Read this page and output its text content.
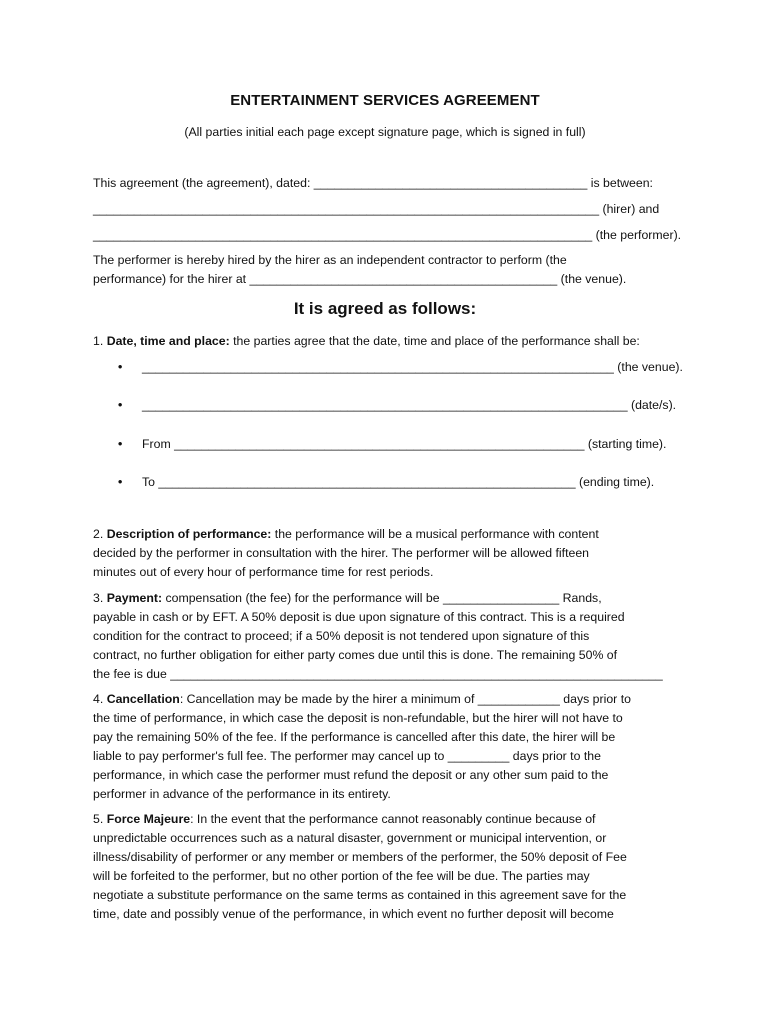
ENTERTAINMENT SERVICES AGREEMENT
(All parties initial each page except signature page, which is signed in full)
This agreement (the agreement), dated: ________________________________________ is between:
__________________________________________________________________________ (hirer) and
_________________________________________________________________________ (the performer).
The performer is hereby hired by the hirer as an independent contractor to perform (the
performance) for the hirer at _____________________________________________ (the venue).
It is agreed as follows:
1. Date, time and place: the parties agree that the date, time and place of the performance shall be:
• _____________________________________________________________________ (the venue).
• _______________________________________________________________________ (date/s).
• From ____________________________________________________________ (starting time).
• To _____________________________________________________________ (ending time).

2. Description of performance: the performance will be a musical performance with content

decided by the performer in consultation with the hirer. The performer will be allowed fifteen

minutes out of every hour of performance time for rest periods.

3. Payment: compensation (the fee) for the performance will be _________________ Rands,

payable in cash or by EFT. A 50% deposit is due upon signature of this contract. This is a required

condition for the contract to proceed; if a 50% deposit is not tendered upon signature of this

contract, no further obligation for either party comes due until this is done. The remaining 50% of

the fee is due ________________________________________________________________________

4. Cancellation: Cancellation may be made by the hirer a minimum of ____________ days prior to

the time of performance, in which case the deposit is non-refundable, but the hirer will not have to

pay the remaining 50% of the fee. If the performance is cancelled after this date, the hirer will be

liable to pay performer's full fee. The performer may cancel up to _________ days prior to the

performance, in which case the performer must refund the deposit or any other sum paid to the

performer in advance of the performance in its entirety.

5. Force Majeure: In the event that the performance cannot reasonably continue because of

unpredictable occurrences such as a natural disaster, government or municipal intervention, or

illness/disability of performer or any member or members of the performer, the 50% deposit of Fee

will be forfeited to the performer, but no other portion of the fee will be due. The parties may

negotiate a substitute performance on the same terms as contained in this agreement save for the

time, date and possibly venue of the performance, in which event no further deposit will become
